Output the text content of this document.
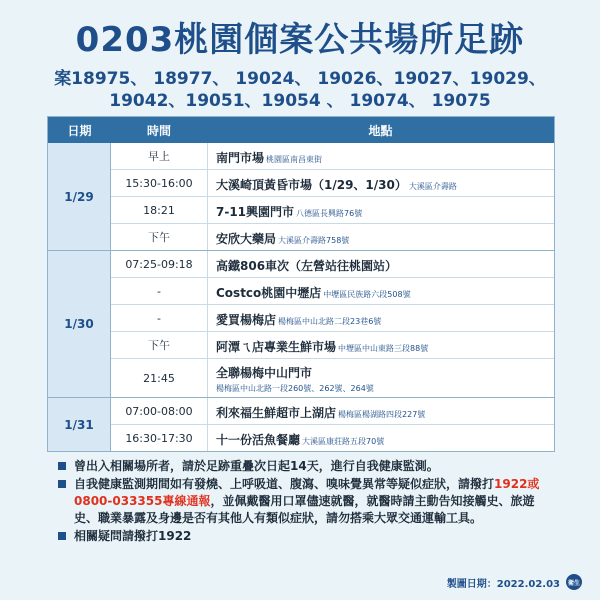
0203桃園個案公共場所足跡
案18975、 18977、 19024、 19026、19027、19029、
19042、19051、19054 、 19074、 19075
日期	時間	地點
1/29
早上	南門市場 桃園區南昌東街
15:30-16:00	大溪崎頂黃昏市場（1/29、1/30） 大溪區介壽路
18:21	7-11興園門市 八德區長興路76號
下午	安欣大藥局 大溪區介壽路758號
1/30
07:25-09:18	高鐵806車次（左營站往桃園站）
-	Costco桃園中壢店 中壢區民族路六段508號
-	愛買楊梅店 楊梅區中山北路二段23巷6號
下午	阿潭ㄟ店專業生鮮市場 中壢區中山東路三段88號
21:45	全聯楊梅中山門市
楊梅區中山北路一段260號、262號、264號
1/31
07:00-08:00	利來福生鮮超市上湖店 楊梅區楊湖路四段227號
16:30-17:30	十一份活魚餐廳 大溪區康莊路五段70號
曾出入相關場所者，請於足跡重疊次日起14天，進行自我健康監測。
自我健康監測期間如有發燒、上呼吸道、腹瀉、嗅味覺異常等疑似症狀，請撥打1922或0800-033355專線通報，並佩戴醫用口罩儘速就醫，就醫時請主動告知接觸史、旅遊史、職業暴露及身邊是否有其他人有類似症狀，請勿搭乘大眾交通運輸工具。
相關疑問請撥打1922
製圖日期：2022.02.03 衛生
